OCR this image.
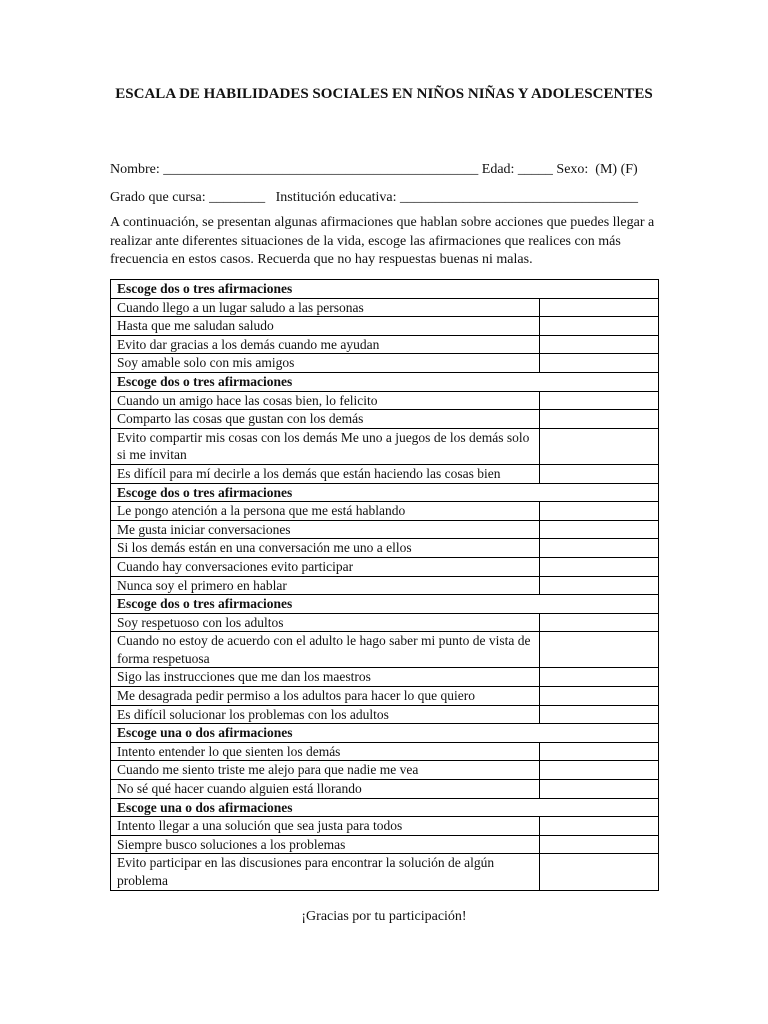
ESCALA DE HABILIDADES SOCIALES EN NIÑOS NIÑAS Y ADOLESCENTES
Nombre: _____________________________________________ Edad: _____ Sexo:  (M) (F)
Grado que cursa: ________   Institución educativa: __________________________________
A continuación, se presentan algunas afirmaciones que hablan sobre acciones que puedes llegar a realizar ante diferentes situaciones de la vida, escoge las afirmaciones que realices con más frecuencia en estos casos. Recuerda que no hay respuestas buenas ni malas.
Escoge dos o tres afirmaciones	
Cuando llego a un lugar saludo a las personas	
Hasta que me saludan saludo	
Evito dar gracias a los demás cuando me ayudan	
Soy amable solo con mis amigos	
Escoge dos o tres afirmaciones	
Cuando un amigo hace las cosas bien, lo felicito	
Comparto las cosas que gustan con los demás	
Evito compartir mis cosas con los demás Me uno a juegos de los demás solo si me invitan	
Es difícil para mí decirle a los demás que están haciendo las cosas bien	
Escoge dos o tres afirmaciones	
Le pongo atención a la persona que me está hablando	
Me gusta iniciar conversaciones	
Si los demás están en una conversación me uno a ellos	
Cuando hay conversaciones evito participar	
Nunca soy el primero en hablar	
Escoge dos o tres afirmaciones	
Soy respetuoso con los adultos	
Cuando no estoy de acuerdo con el adulto le hago saber mi punto de vista de forma respetuosa	
Sigo las instrucciones que me dan los maestros	
Me desagrada pedir permiso a los adultos para hacer lo que quiero	
Es difícil solucionar los problemas con los adultos	
Escoge una o dos afirmaciones	
Intento entender lo que sienten los demás	
Cuando me siento triste me alejo para que nadie me vea	
No sé qué hacer cuando alguien está llorando	
Escoge una o dos afirmaciones	
Intento llegar a una solución que sea justa para todos	
Siempre busco soluciones a los problemas	
Evito participar en las discusiones para encontrar la solución de algún problema	
¡Gracias por tu participación!
